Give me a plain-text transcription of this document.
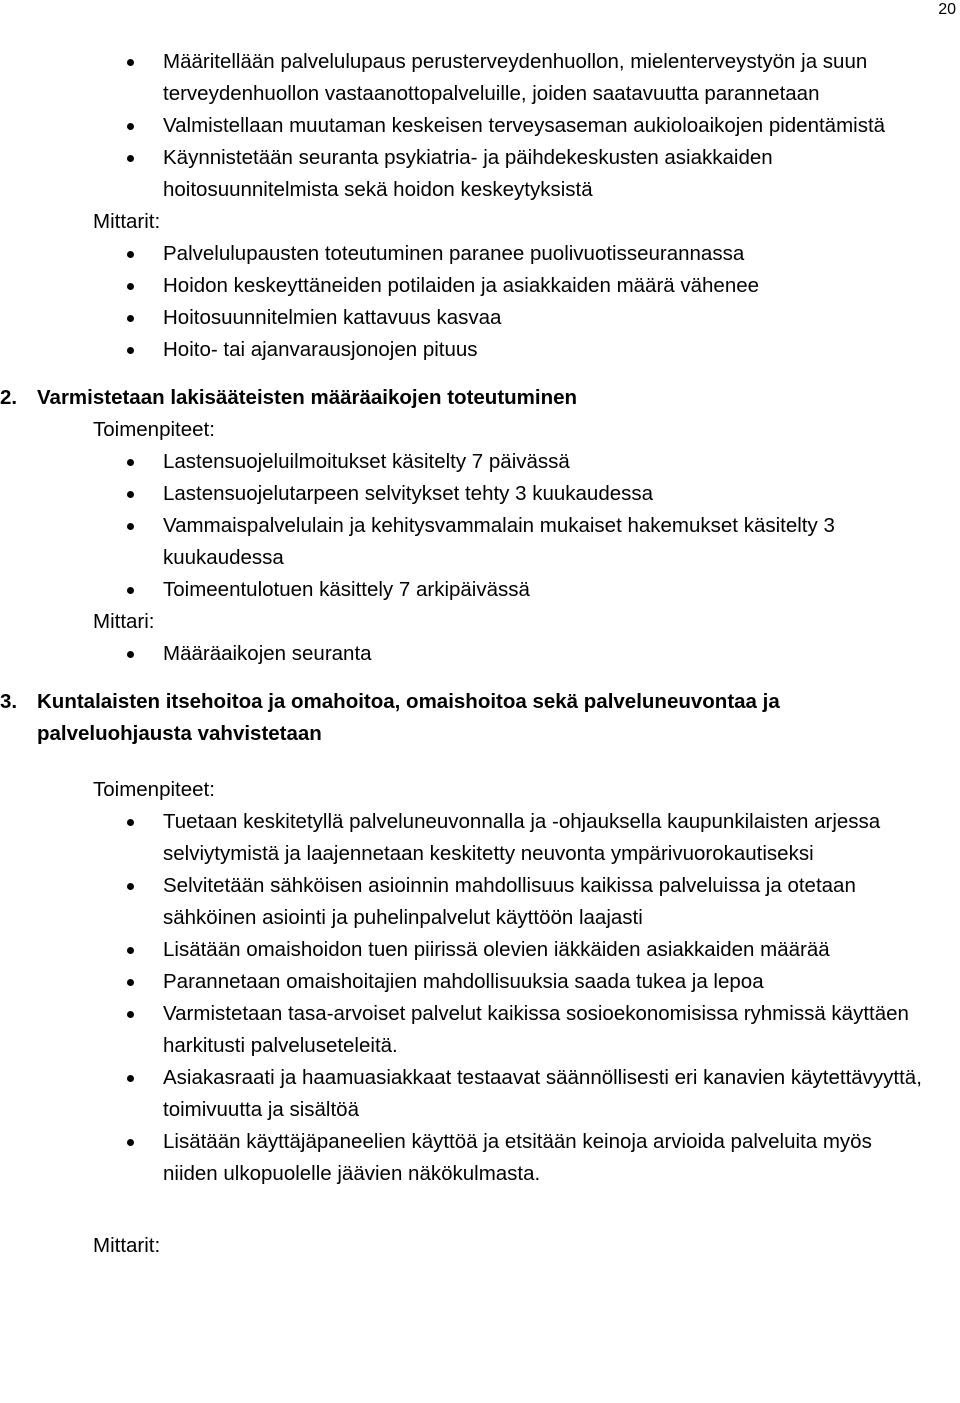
20
Määritellään palvelulupaus perusterveydenhuollon, mielenterveystyön ja suun terveydenhuollon vastaanottopalveluille, joiden saatavuutta parannetaan
Valmistellaan muutaman keskeisen terveysaseman aukioloaikojen pidentämistä
Käynnistetään seuranta psykiatria- ja päihdekeskusten asiakkaiden hoitosuunnitelmista sekä hoidon keskeytyksistä
Mittarit:
Palvelulupausten toteutuminen paranee puolivuotisseurannassa
Hoidon keskeyttäneiden potilaiden ja asiakkaiden määrä vähenee
Hoitosuunnitelmien kattavuus kasvaa
Hoito- tai ajanvarausjonojen pituus
2. Varmistetaan lakisääteisten määräaikojen toteutuminen
Toimenpiteet:
Lastensuojeluilmoitukset käsitelty 7 päivässä
Lastensuojelutarpeen selvitykset tehty 3 kuukaudessa
Vammaispalvelulain ja kehitysvammalain mukaiset hakemukset käsitelty 3 kuukaudessa
Toimeentulotuen käsittely 7 arkipäivässä
Mittari:
Määräaikojen seuranta
3. Kuntalaisten itsehoitoa ja omahoitoa, omaishoitoa sekä palveluneuvontaa ja palveluohjausta vahvistetaan
Toimenpiteet:
Tuetaan keskitetyllä palveluneuvonnalla ja -ohjauksella kaupunkilaisten arjessa selviytymistä ja laajennetaan keskitetty neuvonta ympärivuorokautiseksi
Selvitetään sähköisen asioinnin mahdollisuus kaikissa palveluissa ja otetaan sähköinen asiointi ja puhelinpalvelut käyttöön laajasti
Lisätään omaishoidon tuen piirissä olevien iäkkäiden asiakkaiden määrää
Parannetaan omaishoitajien mahdollisuuksia saada tukea ja lepoa
Varmistetaan tasa-arvoiset palvelut kaikissa sosioekonomisissa ryhmissä käyttäen harkitusti palveluseteleitä.
Asiakasraati ja haamuasiakkaat testaavat säännöllisesti eri kanavien käytettävyyttä, toimivuutta ja sisältöä
Lisätään käyttäjäpaneelien käyttöä ja etsitään keinoja arvioida palveluita myös niiden ulkopuolelle jäävien näkökulmasta.
Mittarit:
